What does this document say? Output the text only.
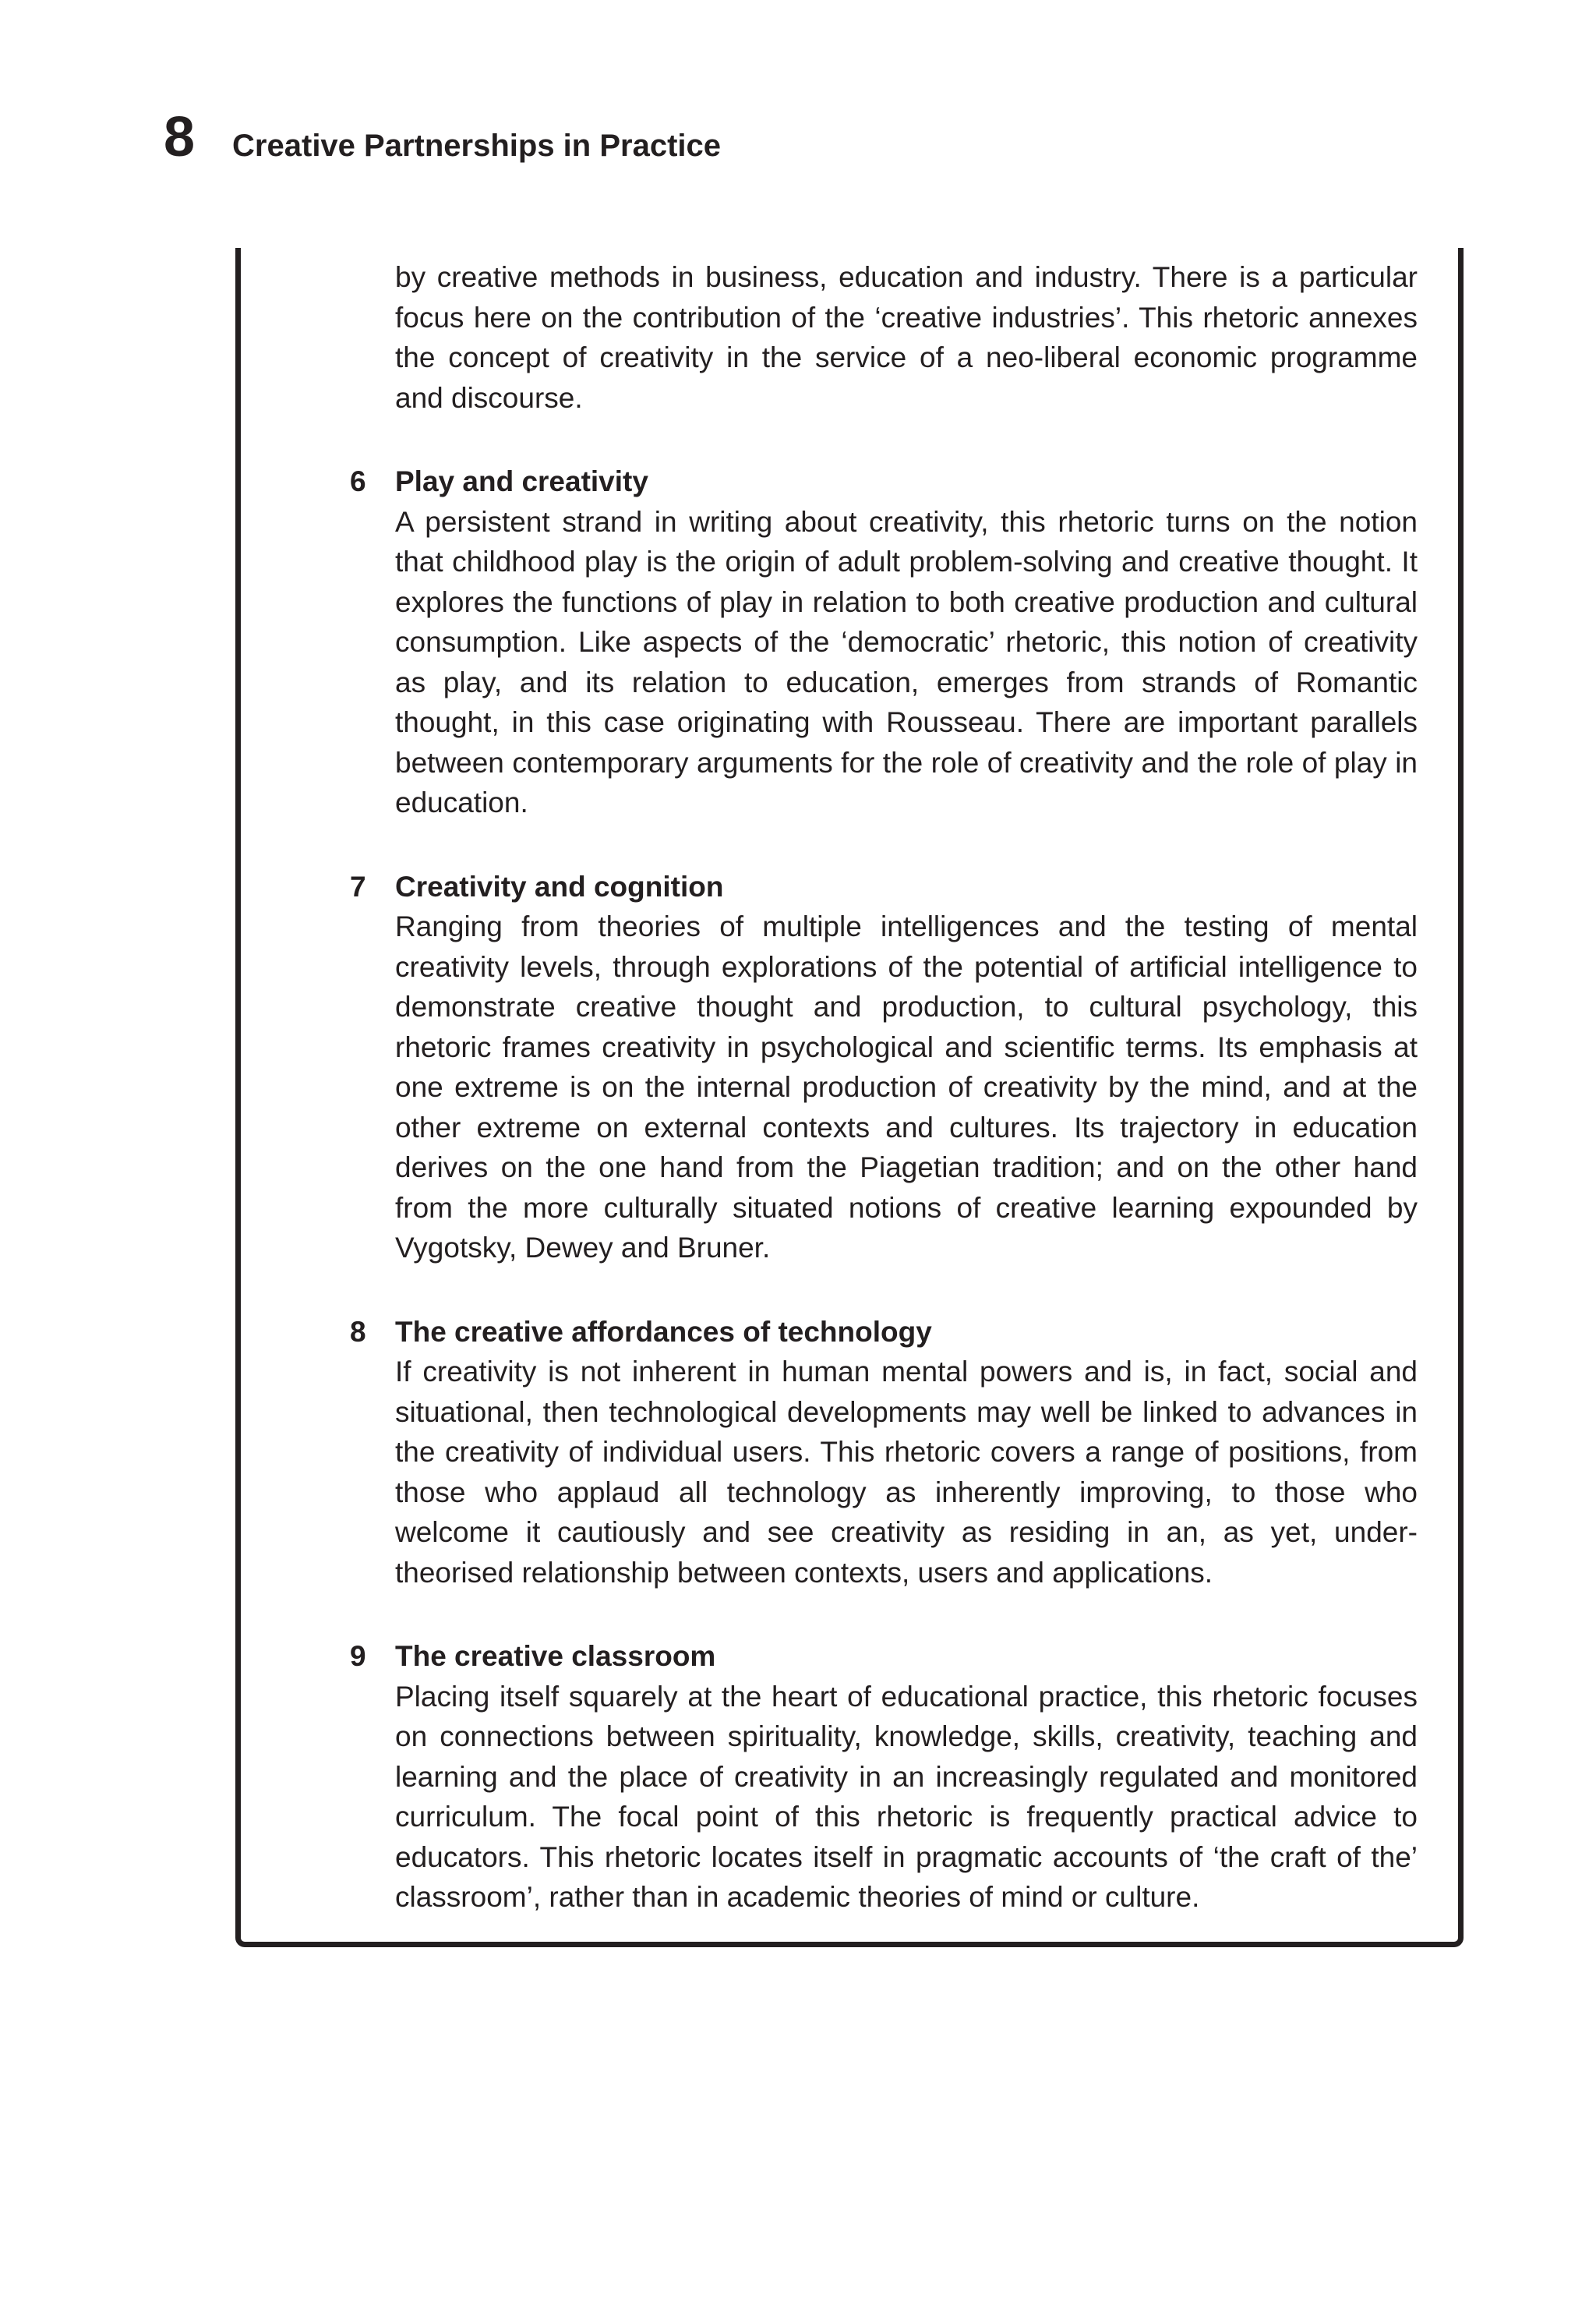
8 Creative Partnerships in Practice

by creative methods in business, education and industry. There is a particular focus here on the contribution of the ‘creative industries’. This rhetoric annexes the concept of creativity in the service of a neo-liberal economic programme and discourse.

6 Play and creativity

A persistent strand in writing about creativity, this rhetoric turns on the notion that childhood play is the origin of adult problem-solving and creative thought. It explores the functions of play in relation to both creative production and cultural consumption. Like aspects of the ‘democratic’ rhetoric, this notion of creativity as play, and its relation to education, emerges from strands of Romantic thought, in this case originating with Rousseau. There are important parallels between contemporary arguments for the role of creativity and the role of play in education.

7 Creativity and cognition

Ranging from theories of multiple intelligences and the testing of mental creativity levels, through explorations of the potential of artificial intelligence to demonstrate creative thought and production, to cultural psychology, this rhetoric frames creativity in psychological and scientific terms. Its emphasis at one extreme is on the internal production of creativity by the mind, and at the other extreme on external contexts and cultures. Its trajectory in education derives on the one hand from the Piagetian tradition; and on the other hand from the more culturally situated notions of creative learning expounded by Vygotsky, Dewey and Bruner.

8 The creative affordances of technology

If creativity is not inherent in human mental powers and is, in fact, social and situational, then technological developments may well be linked to advances in the creativity of individual users. This rhetoric covers a range of positions, from those who applaud all technology as inherently improving, to those who welcome it cautiously and see creativity as residing in an, as yet, under-theorised relationship between contexts, users and applications.

9 The creative classroom

Placing itself squarely at the heart of educational practice, this rhetoric focuses on connections between spirituality, knowledge, skills, creativity, teaching and learning and the place of creativity in an increasingly regulated and monitored curriculum. The focal point of this rhetoric is frequently practical advice to educators. This rhetoric locates itself in pragmatic accounts of ‘the craft of the’ classroom’, rather than in academic theories of mind or culture.
